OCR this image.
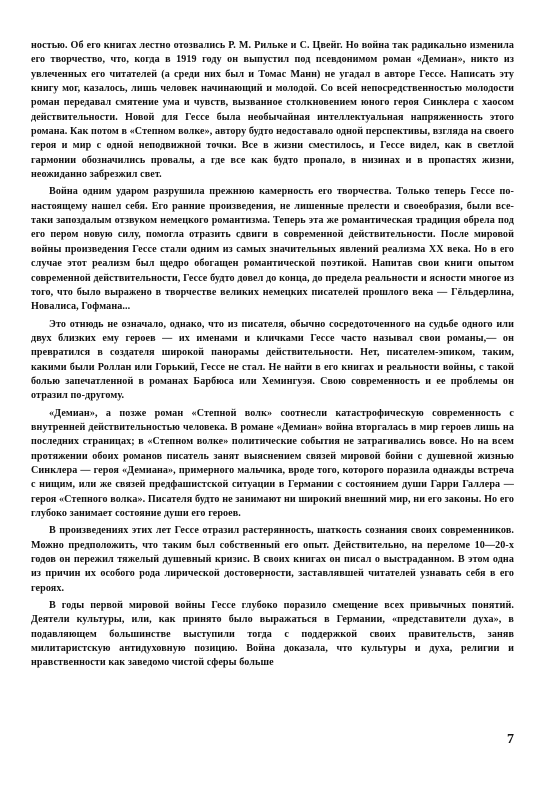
ностью. Об его книгах лестно отозвались Р. М. Рильке и С. Цвейг. Но война так радикально изменила его творчество, что, когда в 1919 году он выпустил под псевдонимом роман «Демиан», никто из увлеченных его читателей (а среди них был и Томас Манн) не угадал в авторе Гессе. Написать эту книгу мог, казалось, лишь человек начинающий и молодой. Со всей непосредственностью молодости роман передавал смятение ума и чувств, вызванное столкновением юного героя Синклера с хаосом действительности. Новой для Гессе была необычайная интеллектуальная напряженность этого романа. Как потом в «Степном волке», автору будто недоставало одной перспективы, взгляда на своего героя и мир с одной неподвижной точки. Все в жизни сместилось, и Гессе видел, как в светлой гармонии обозначились провалы, а где все как будто пропало, в низинах и в пропастях жизни, неожиданно забрезжил свет.

Война одним ударом разрушила прежнюю камерность его творчества. Только теперь Гессе по-настоящему нашел себя. Его ранние произведения, не лишенные прелести и своеобразия, были все-таки запоздалым отзвуком немецкого романтизма. Теперь эта же романтическая традиция обрела под его пером новую силу, помогла отразить сдвиги в современной действительности. После мировой войны произведения Гессе стали одним из самых значительных явлений реализма XX века. Но в его случае этот реализм был щедро обогащен романтической поэтикой. Напитав свои книги опытом современной действительности, Гессе будто довел до конца, до предела реальности и ясности многое из того, что было выражено в творчестве великих немецких писателей прошлого века — Гёльдерлина, Новалиса, Гофмана...

Это отнюдь не означало, однако, что из писателя, обычно сосредоточенного на судьбе одного или двух близких ему героев — их именами и кличками Гессе часто называл свои романы,— он превратился в создателя широкой панорамы действительности. Нет, писателем-эпиком, таким, какими были Роллан или Горький, Гессе не стал. Не найти в его книгах и реальности войны, с такой болью запечатленной в романах Барбюса или Хемингуэя. Свою современность и ее проблемы он отразил по-другому.

«Демиан», а позже роман «Степной волк» соотнесли катастрофическую современность с внутренней действительностью человека. В романе «Демиан» война вторгалась в мир героев лишь на последних страницах; в «Степном волке» политические события не затрагивались вовсе. Но на всем протяжении обоих романов писатель занят выяснением связей мировой бойни с душевной жизнью Синклера — героя «Демиана», примерного мальчика, вроде того, которого поразила однажды встреча с нищим, или же связей предфашистской ситуации в Германии с состоянием души Гарри Галлера — героя «Степного волка». Писателя будто не занимают ни широкий внешний мир, ни его законы. Но его глубоко занимает состояние души его героев.

В произведениях этих лет Гессе отразил растерянность, шаткость сознания своих современников. Можно предположить, что таким был собственный его опыт. Действительно, на переломе 10—20-х годов он пережил тяжелый душевный кризис. В своих книгах он писал о выстраданном. В этом одна из причин их особого рода лирической достоверности, заставлявшей читателей узнавать себя в его героях.

В годы первой мировой войны Гессе глубоко поразило смещение всех привычных понятий. Деятели культуры, или, как принято было выражаться в Германии, «представители духа», в подавляющем большинстве выступили тогда с поддержкой своих правительств, заняв милитаристскую антидуховную позицию. Война доказала, что культуры и духа, религии и нравственности как заведомо чистой сферы больше

7
